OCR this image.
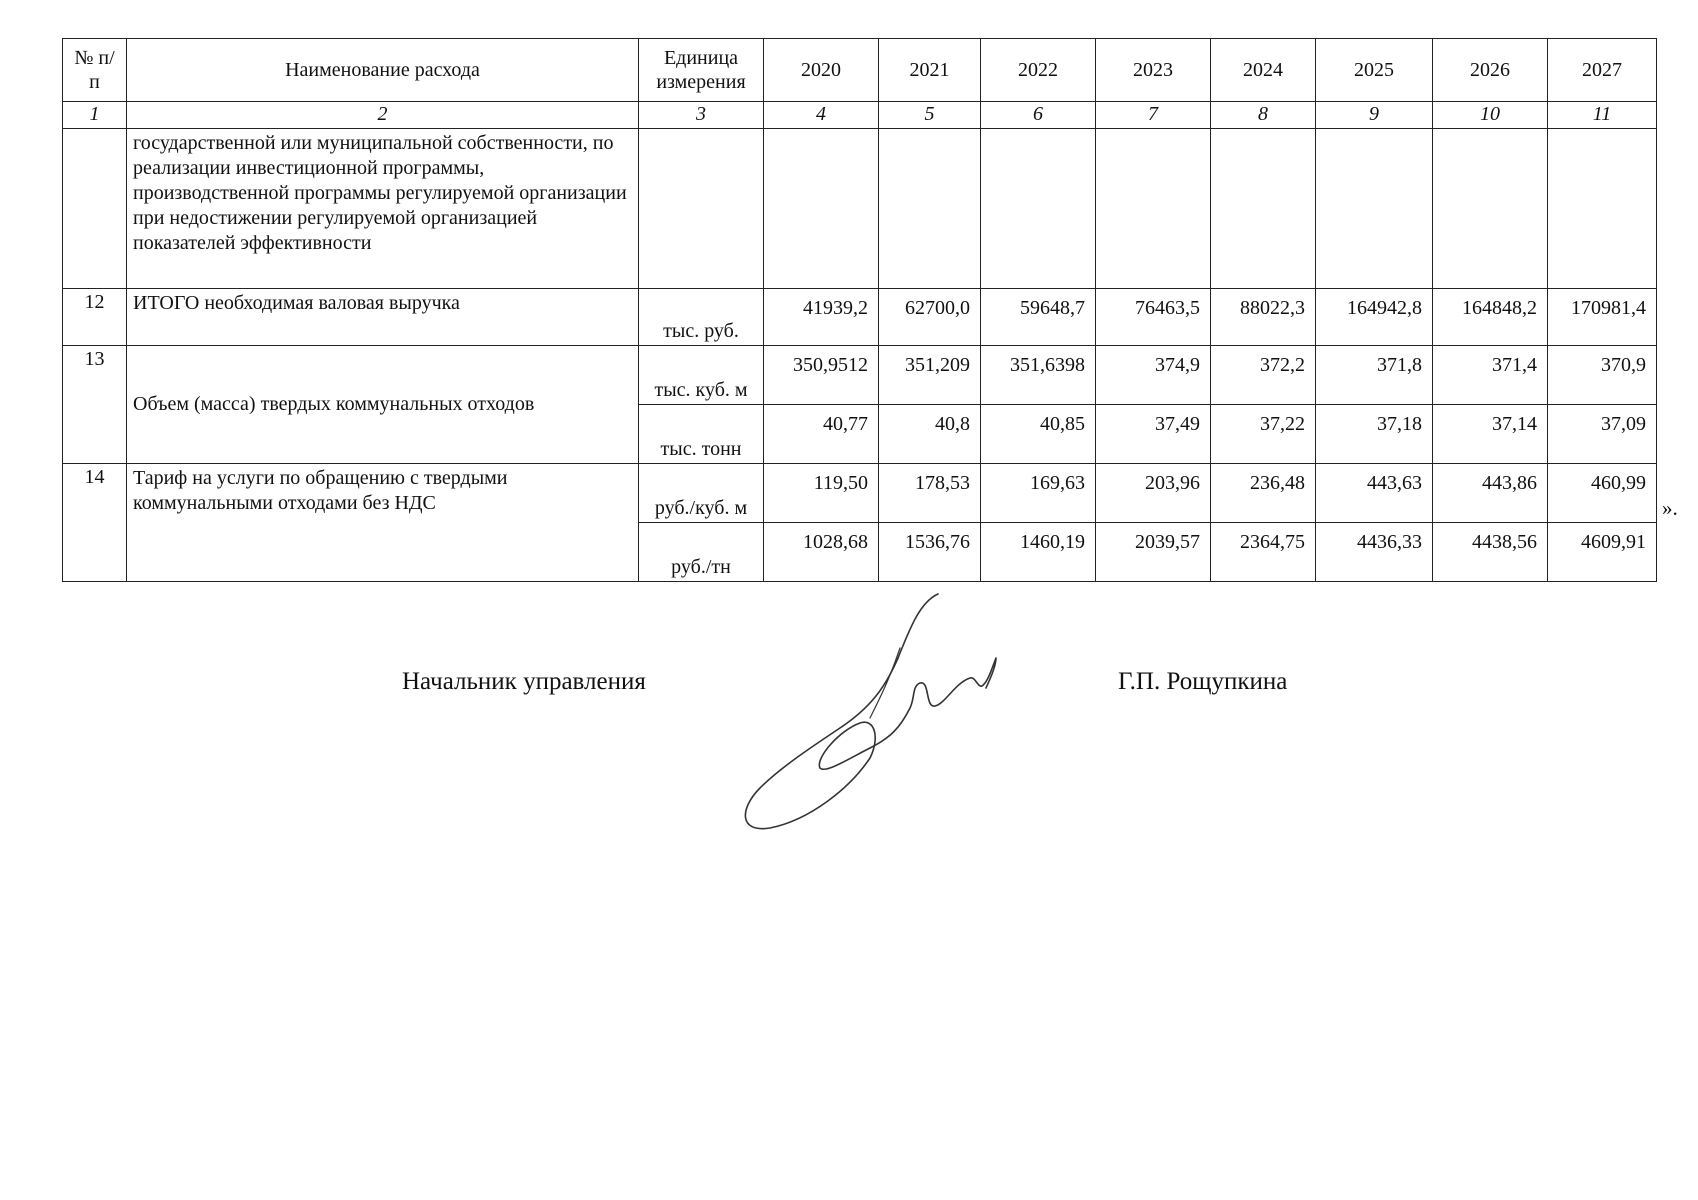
№ п/п	Наименование расхода	Единица измерения	2020	2021	2022	2023	2024	2025	2026	2027
1	2	3	4	5	6	7	8	9	10	11
	государственной или муниципальной собственности, по реализации инвестиционной программы, производственной программы регулируемой организации при недостижении регулируемой организацией показателей эффективности									
12	ИТОГО необходимая валовая выручка	тыс. руб.	41939,2	62700,0	59648,7	76463,5	88022,3	164942,8	164848,2	170981,4
13	Объем (масса) твердых коммунальных отходов	тыс. куб. м	350,9512	351,209	351,6398	374,9	372,2	371,8	371,4	370,9
		тыс. тонн	40,77	40,8	40,85	37,49	37,22	37,18	37,14	37,09
14	Тариф на услуги по обращению с твердыми коммунальными отходами без НДС	руб./куб. м	119,50	178,53	169,63	203,96	236,48	443,63	443,86	460,99
		руб./тн	1028,68	1536,76	1460,19	2039,57	2364,75	4436,33	4438,56	4609,91
».
Начальник управления	Г.П. Рощупкина
